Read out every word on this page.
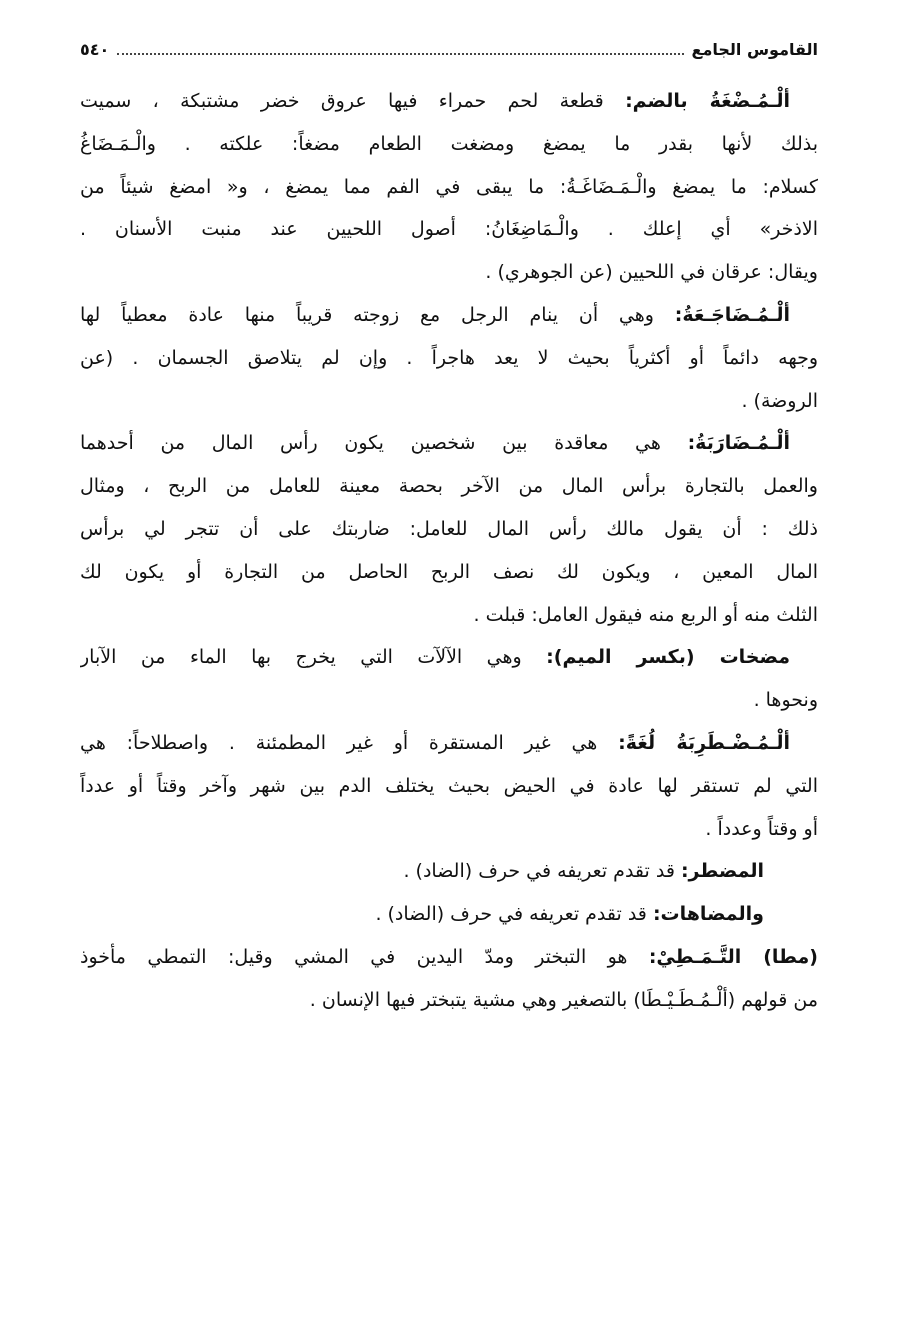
القاموس الجامع
٥٤٠
ألْـمُـضْغَةُ بالضم: قطعة لحم حمراء فيها عروق خضر مشتبكة ، سميت
بذلك لأنها بقدر ما يمضغ ومضغت الطعام مضغاً: علكته . والْـمَـضَاغُ
كسلام: ما يمضغ والْـمَـضَاغَـةُ: ما يبقى في الفم مما يمضغ ، و« امضغ شيئاً من
الاذخر» أي إعلك . والْـمَاضِغَانُ: أصول اللحيين عند منبت الأسنان .
ويقال: عرقان في اللحيين (عن الجوهري) .
ألْـمُـضَاجَـعَةُ: وهي أن ينام الرجل مع زوجته قريباً منها عادة معطياً لها
وجهه دائماً أو أكثرياً بحيث لا يعد هاجراً . وإن لم يتلاصق الجسمان . (عن
الروضة) .
ألْـمُـضَارَبَةُ: هي معاقدة بين شخصين يكون رأس المال من أحدهما
والعمل بالتجارة برأس المال من الآخر بحصة معينة للعامل من الربح ، ومثال
ذلك : أن يقول مالك رأس المال للعامل: ضاربتك على أن تتجر لي برأس
المال المعين ، ويكون لك نصف الربح الحاصل من التجارة أو يكون لك
الثلث منه أو الربع منه فيقول العامل: قبلت .
مضخات (بكسر الميم): وهي الآلآت التي يخرج بها الماء من الآبار
ونحوها .
ألْـمُـضْـطَرِبَةُ لُغَةً: هي غير المستقرة أو غير المطمئنة . واصطلاحاً: هي
التي لم تستقر لها عادة في الحيض بحيث يختلف الدم بين شهر وآخر وقتاً أو عدداً
أو وقتاً وعدداً .
المضطر: قد تقدم تعريفه في حرف (الضاد) .
والمضاهات: قد تقدم تعريفه في حرف (الضاد) .
(مطا) التَّـمَـطِيْ: هو التبختر ومدّ اليدين في المشي وقيل: التمطي مأخوذ
من قولهم (ألْـمُـطَـيْـطَا) بالتصغير وهي مشية يتبختر فيها الإنسان .
